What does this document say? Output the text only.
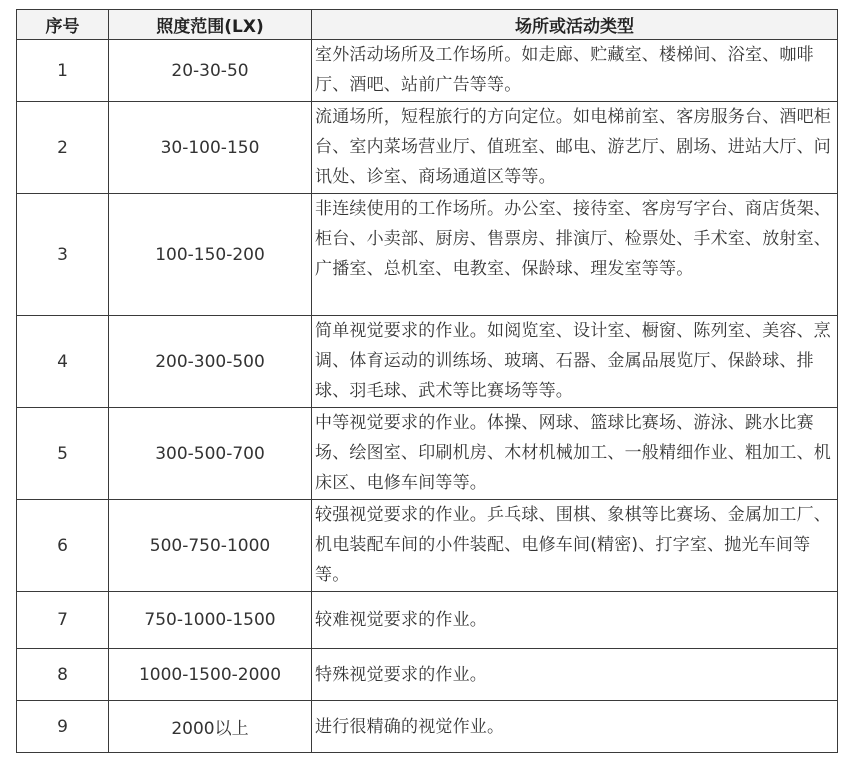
序号	照度范围(LX)	场所或活动类型
1	20-30-50	室外活动场所及工作场所。如走廊、贮藏室、楼梯间、浴室、咖啡厅、酒吧、站前广告等等。
2	30-100-150	流通场所，短程旅行的方向定位。如电梯前室、客房服务台、酒吧柜台、室内菜场营业厅、值班室、邮电、游艺厅、剧场、进站大厅、问讯处、诊室、商场通道区等等。
3	100-150-200	非连续使用的工作场所。办公室、接待室、客房写字台、商店货架、柜台、小卖部、厨房、售票房、排演厅、检票处、手术室、放射室、广播室、总机室、电教室、保龄球、理发室等等。
4	200-300-500	简单视觉要求的作业。如阅览室、设计室、橱窗、陈列室、美容、烹调、体育运动的训练场、玻璃、石器、金属品展览厅、保龄球、排球、羽毛球、武术等比赛场等等。
5	300-500-700	中等视觉要求的作业。体操、网球、篮球比赛场、游泳、跳水比赛场、绘图室、印刷机房、木材机械加工、一般精细作业、粗加工、机床区、电修车间等等。
6	500-750-1000	较强视觉要求的作业。乒乓球、围棋、象棋等比赛场、金属加工厂、机电装配车间的小件装配、电修车间(精密)、打字室、抛光车间等等。
7	750-1000-1500	较难视觉要求的作业。
8	1000-1500-2000	特殊视觉要求的作业。
9	2000以上	进行很精确的视觉作业。
